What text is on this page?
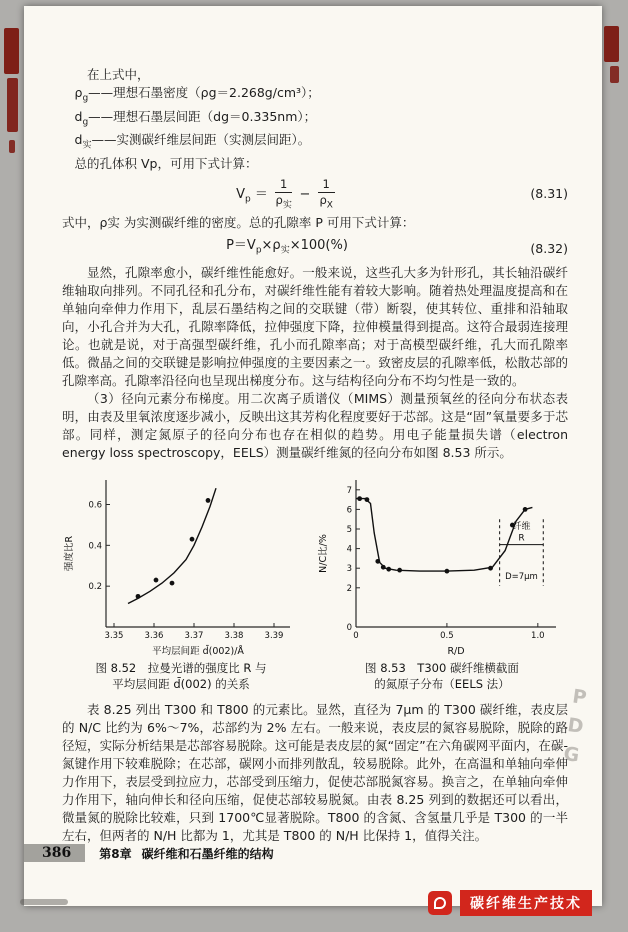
在上式中，

$\rho_g——$理想石墨密度（ρg＝2.268g/cm³）；

$d_g——$理想石墨层间距（dg＝0.335nm）；

$d_实——$实测碳纤维层间距（实测层间距）。

总的孔体积 Vp，可用下式计算：

$V_p = \frac{1}{\rho_实} - \frac{1}{\rho_X}$	(8.31)

式中，ρ实 为实测碳纤维的密度。总的孔隙率 P 可用下式计算：

$P=V_p\times\rho_实\times 100(\%)$	(8.32)

显然，孔隙率愈小，碳纤维性能愈好。一般来说，这些孔大多为针形孔，其长轴沿碳纤维轴取向排列。不同孔径和孔分布，对碳纤维性能有着较大影响。随着热处理温度提高和在单轴向牵伸力作用下，乱层石墨结构之间的交联键（带）断裂，使其转位、重排和沿轴取向，小孔合并为大孔，孔隙率降低，拉伸强度下降，拉伸模量得到提高。这符合最弱连接理论。也就是说，对于高强型碳纤维，孔小而孔隙率高；对于高模型碳纤维，孔大而孔隙率低。微晶之间的交联键是影响拉伸强度的主要因素之一。致密皮层的孔隙率低，松散芯部的孔隙率高。孔隙率沿径向也呈现出梯度分布。这与结构径向分布不均匀性是一致的。

（3）径向元素分布梯度。用二次离子质谱仪（MIMS）测量预氧丝的径向分布状态表明，由表及里氧浓度逐步减小，反映出这其芳构化程度要好于芯部。这是“固”氧量要多于芯部。同样，测定氮原子的径向分布也存在相似的趋势。用电子能量损失谱（electron energy loss spectroscopy，EELS）测量碳纤维氮的径向分布如图 8.53 所示。

3.35 3.36 3.37 3.38 3.39
0.2
0.4
0.6
平均层间距 d̄(002)/Å
强度比R
图 8.52　拉曼光谱的强度比 R 与
平均层间距 d̄(002) 的关系
0	0.5	1.0
0
2
3
4
5
6
7
R/D
N/C比/%
纤维
R
D=7μm
图 8.53　T300 碳纤维横截面
的氮原子分布（EELS 法）

表 8.25 列出 T300 和 T800 的元素比。显然，直径为 7μm 的 T300 碳纤维，表皮层的 N/C 比约为 6%～7%，芯部约为 2% 左右。一般来说，表皮层的氮容易脱除，脱除的路径短，实际分析结果是芯部容易脱除。这可能是表皮层的氮“固定”在六角碳网平面内，在碳-氮键作用下较难脱除；在芯部，碳网小而排列散乱，较易脱除。此外，在高温和单轴向牵伸力作用下，表层受到拉应力，芯部受到压缩力，促使芯部脱氮容易。换言之，在单轴向牵伸力作用下，轴向伸长和径向压缩，促使芯部较易脱氮。由表 8.25 列到的数据还可以看出，微量氮的脱除比较难，只到 1700℃显著脱除。T800 的含氮、含氢量几乎是 T300 的一半左右，但两者的 N/H 比都为 1，尤其是 T800 的 N/H 比保持 1，值得关注。

386	第8章 碳纤维和石墨纤维的结构
PDG
碳纤维生产技术
